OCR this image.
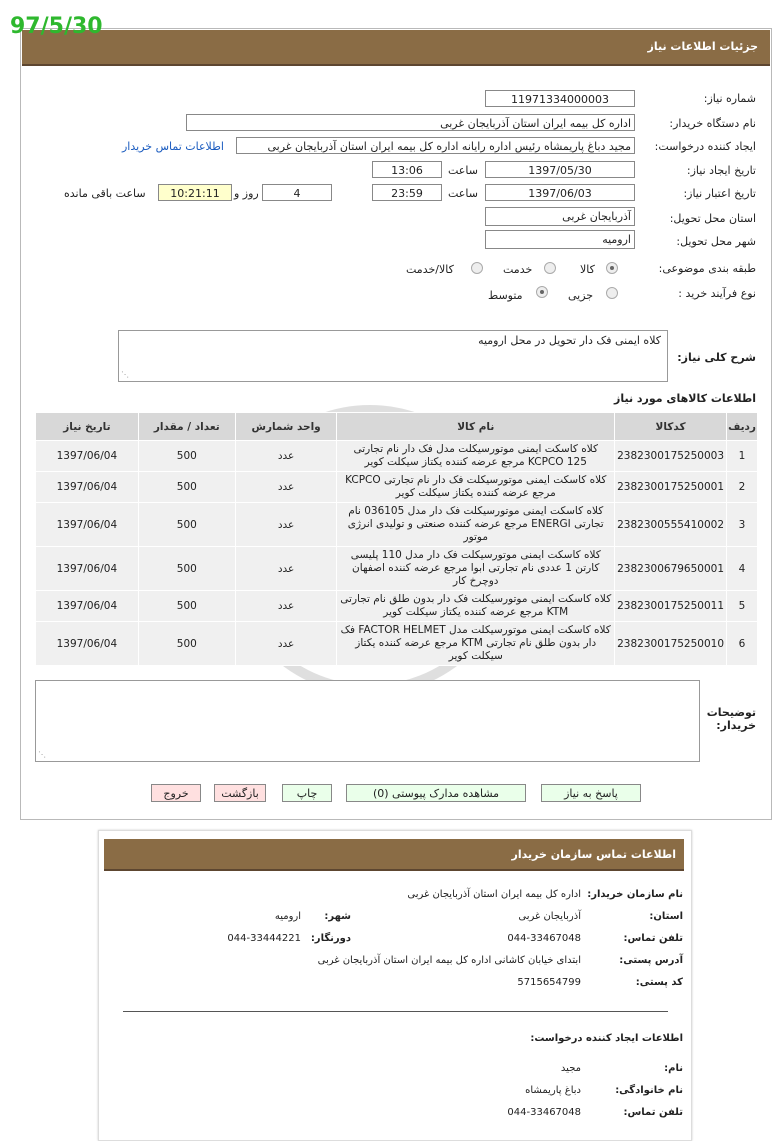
97/5/30
جزئیات اطلاعات نیاز
شماره نیاز:
11971334000003
نام دستگاه خریدار:
اداره کل بیمه ایران استان آذربایجان غربی
ایجاد کننده درخواست:
مجید دباغ پاریمشاه رئیس اداره رایانه اداره کل بیمه ایران استان آذربایجان غربی
اطلاعات تماس خریدار
تاریخ ایجاد نیاز:
1397/05/30
ساعت
13:06
تاریخ اعتبار نیاز:
1397/06/03
ساعت
23:59
4
روز و
10:21:11
ساعت باقی مانده
استان محل تحویل:
آذربایجان غربی
شهر محل تحویل:
ارومیه
طبقه بندی موضوعی:
کالا
خدمت
کالا/خدمت
نوع فرآیند خرید :
جزیی
متوسط
شرح کلی نیاز:
کلاه ایمنی فک دار تحویل در محل ارومیه
⋰
اطلاعات کالاهای مورد نیاز
ردیف	کدکالا	نام کالا	واحد شمارش	تعداد / مقدار	تاریخ نیاز
1	2382300175250003	کلاه کاسکت ایمنی موتورسیکلت مدل فک دار نام تجارتی KCPCO 125 مرجع عرضه کننده یکتاز سیکلت کویر	عدد	500	1397/06/04
2	2382300175250001	کلاه کاسکت ایمنی موتورسیکلت فک دار نام تجارتی KCPCO مرجع عرضه کننده یکتاز سیکلت کویر	عدد	500	1397/06/04
3	2382300555410002	کلاه کاسکت ایمنی موتورسیکلت فک دار مدل 036105 نام تجارتی ENERGI مرجع عرضه کننده صنعتی و تولیدی انرژی موتور	عدد	500	1397/06/04
4	2382300679650001	کلاه کاسکت ایمنی موتورسیکلت فک دار مدل 110 پلیسی کارتن 1 عددی نام تجارتی ابوا مرجع عرضه کننده اصفهان دوچرخ کار	عدد	500	1397/06/04
5	2382300175250011	کلاه کاسکت ایمنی موتورسیکلت فک دار بدون طلق نام تجارتی KTM مرجع عرضه کننده یکتاز سیکلت کویر	عدد	500	1397/06/04
6	2382300175250010	کلاه کاسکت ایمنی موتورسیکلت مدل FACTOR HELMET فک دار بدون طلق نام تجارتی KTM مرجع عرضه کننده یکتاز سیکلت کویر	عدد	500	1397/06/04
⋰
توضیحات خریدار:
پاسخ به نیاز
مشاهده مدارک پیوستی (0)
چاپ
بازگشت
خروج
اطلاعات تماس سازمان خریدار
نام سازمان خریدار:
اداره کل بیمه ایران استان آذربایجان غربی
استان:
آذربایجان غربی
شهر:
ارومیه
تلفن تماس:
044-33467048
دورنگار:
044-33444221
آدرس پستی:
ابتدای خیابان کاشانی اداره کل بیمه ایران استان آذربایجان غربی
کد پستی:
5715654799
اطلاعات ایجاد کننده درخواست:
نام:
مجید
نام خانوادگی:
دباغ پاریمشاه
تلفن تماس:
044-33467048
